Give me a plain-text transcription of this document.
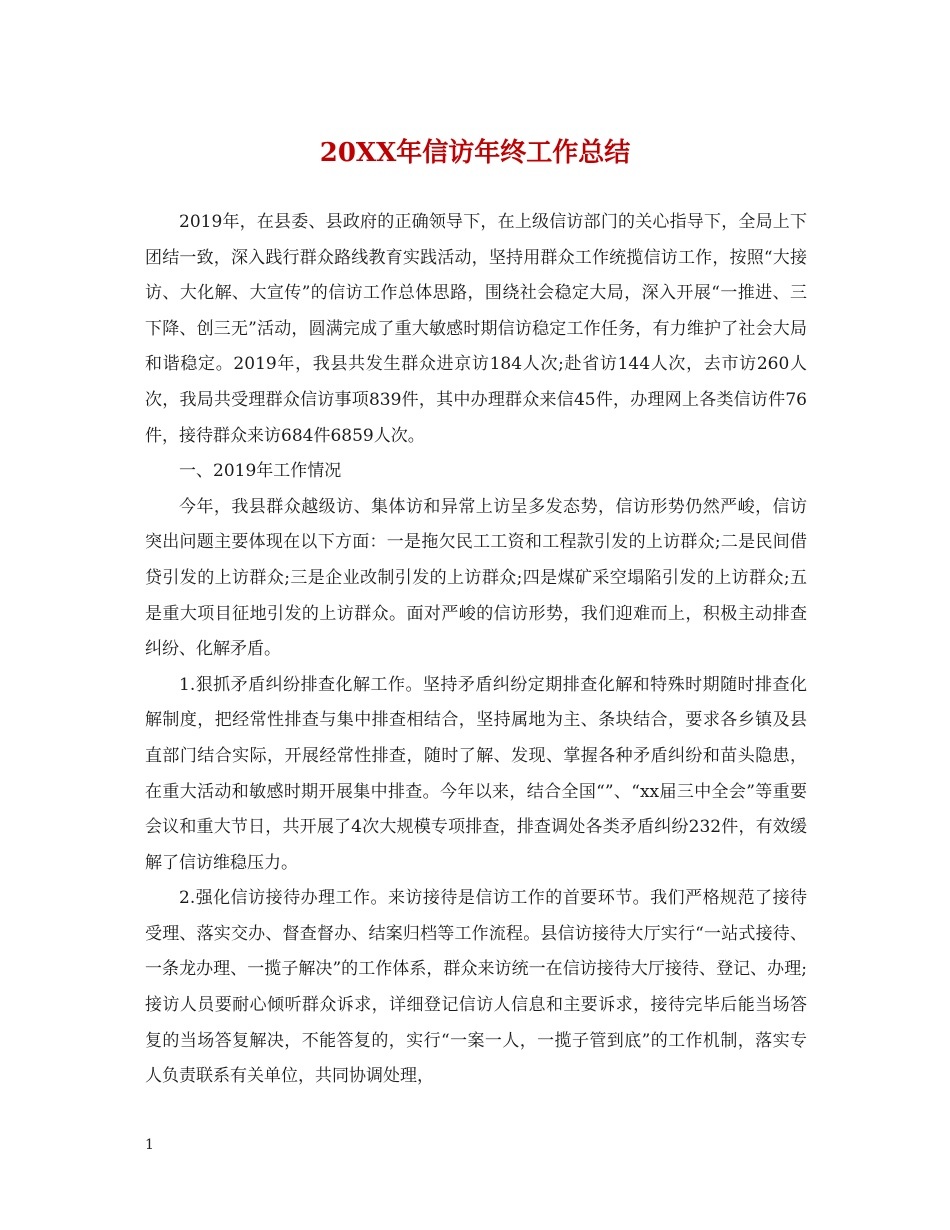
20XX年信访年终工作总结

2019年，在县委、县政府的正确领导下，在上级信访部门的关心指导下，全局上下团结一致，深入践行群众路线教育实践活动，坚持用群众工作统揽信访工作，按照“大接访、大化解、大宣传”的信访工作总体思路，围绕社会稳定大局，深入开展“一推进、三下降、创三无”活动，圆满完成了重大敏感时期信访稳定工作任务，有力维护了社会大局和谐稳定。2019年，我县共发生群众进京访184人次;赴省访144人次，去市访260人次，我局共受理群众信访事项839件，其中办理群众来信45件，办理网上各类信访件76件，接待群众来访684件6859人次。

一、2019年工作情况

今年，我县群众越级访、集体访和异常上访呈多发态势，信访形势仍然严峻，信访突出问题主要体现在以下方面：一是拖欠民工工资和工程款引发的上访群众;二是民间借贷引发的上访群众;三是企业改制引发的上访群众;四是煤矿采空塌陷引发的上访群众;五是重大项目征地引发的上访群众。面对严峻的信访形势，我们迎难而上，积极主动排查纠纷、化解矛盾。

1.狠抓矛盾纠纷排查化解工作。坚持矛盾纠纷定期排查化解和特殊时期随时排查化解制度，把经常性排查与集中排查相结合，坚持属地为主、条块结合，要求各乡镇及县直部门结合实际，开展经常性排查，随时了解、发现、掌握各种矛盾纠纷和苗头隐患，在重大活动和敏感时期开展集中排查。今年以来，结合全国“”、“xx届三中全会”等重要会议和重大节日，共开展了4次大规模专项排查，排查调处各类矛盾纠纷232件，有效缓解了信访维稳压力。

2.强化信访接待办理工作。来访接待是信访工作的首要环节。我们严格规范了接待受理、落实交办、督查督办、结案归档等工作流程。县信访接待大厅实行“一站式接待、一条龙办理、一揽子解决”的工作体系，群众来访统一在信访接待大厅接待、登记、办理;接访人员要耐心倾听群众诉求，详细登记信访人信息和主要诉求，接待完毕后能当场答复的当场答复解决，不能答复的，实行“一案一人，一揽子管到底”的工作机制，落实专人负责联系有关单位，共同协调处理，

1
